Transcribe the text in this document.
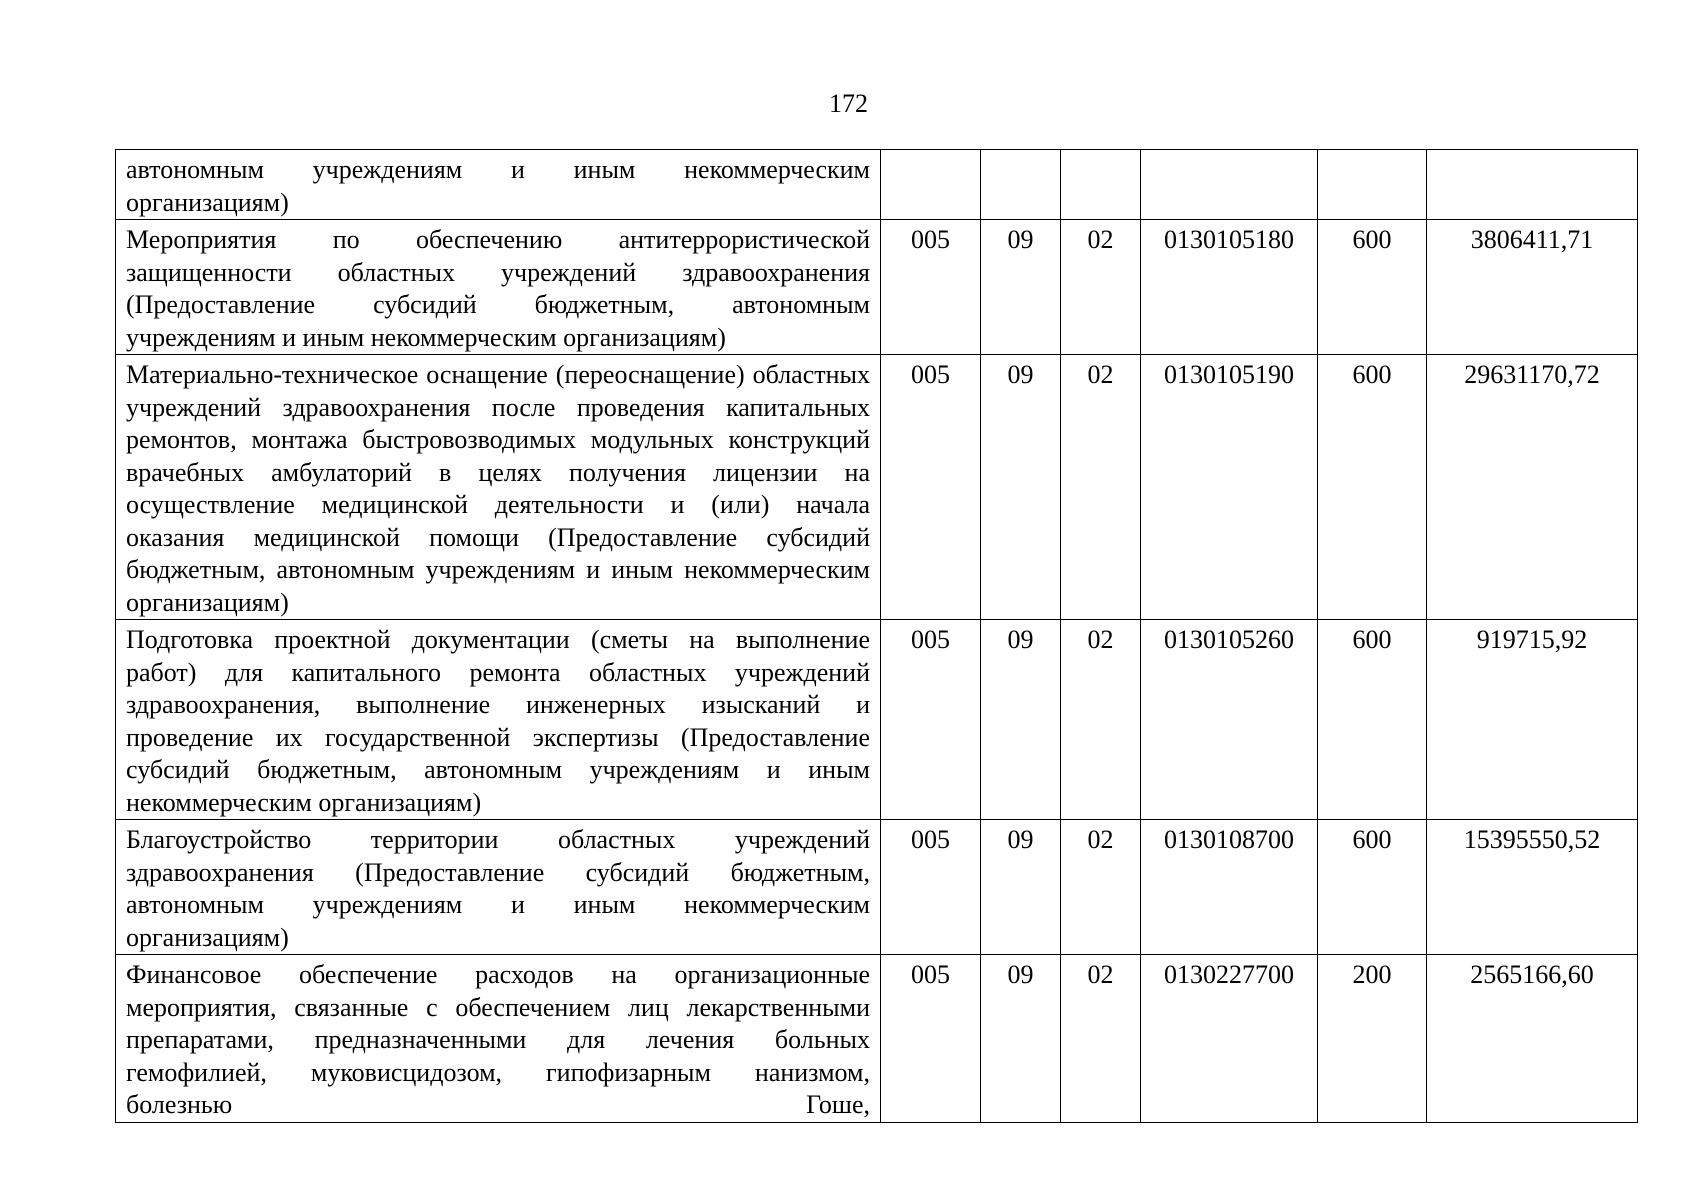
172
автономным учреждениям и иным некоммерческим организациям)						

Мероприятия по обеспечению антитеррористической защищенности областных учреждений здравоохранения (Предоставление субсидий бюджетным, автономным учреждениям и иным некоммерческим организациям)	005	09	02	0130105180	600	3806411,71
Материально-техническое оснащение (переоснащение) областных учреждений здравоохранения после проведения капитальных ремонтов, монтажа быстровозводимых модульных конструкций врачебных амбулаторий в целях получения лицензии на осуществление медицинской деятельности и (или) начала оказания медицинской помощи (Предоставление субсидий бюджетным, автономным учреждениям и иным некоммерческим организациям)	005	09	02	0130105190	600	29631170,72
Подготовка проектной документации (сметы на выполнение работ) для капитального ремонта областных учреждений здравоохранения, выполнение инженерных изысканий и проведение их государственной экспертизы (Предоставление субсидий бюджетным, автономным учреждениям и иным некоммерческим организациям)	005	09	02	0130105260	600	919715,92
Благоустройство территории областных учреждений здравоохранения (Предоставление субсидий бюджетным, автономным учреждениям и иным некоммерческим организациям)	005	09	02	0130108700	600	15395550,52

Финансовое обеспечение расходов на организационные мероприятия, связанные с обеспечением лиц лекарственными препаратами, предназначенными для лечения больных гемофилией, муковисцидозом, гипофизарным нанизмом, болезнью Гоше,	005	09	02	0130227700	200	2565166,60
